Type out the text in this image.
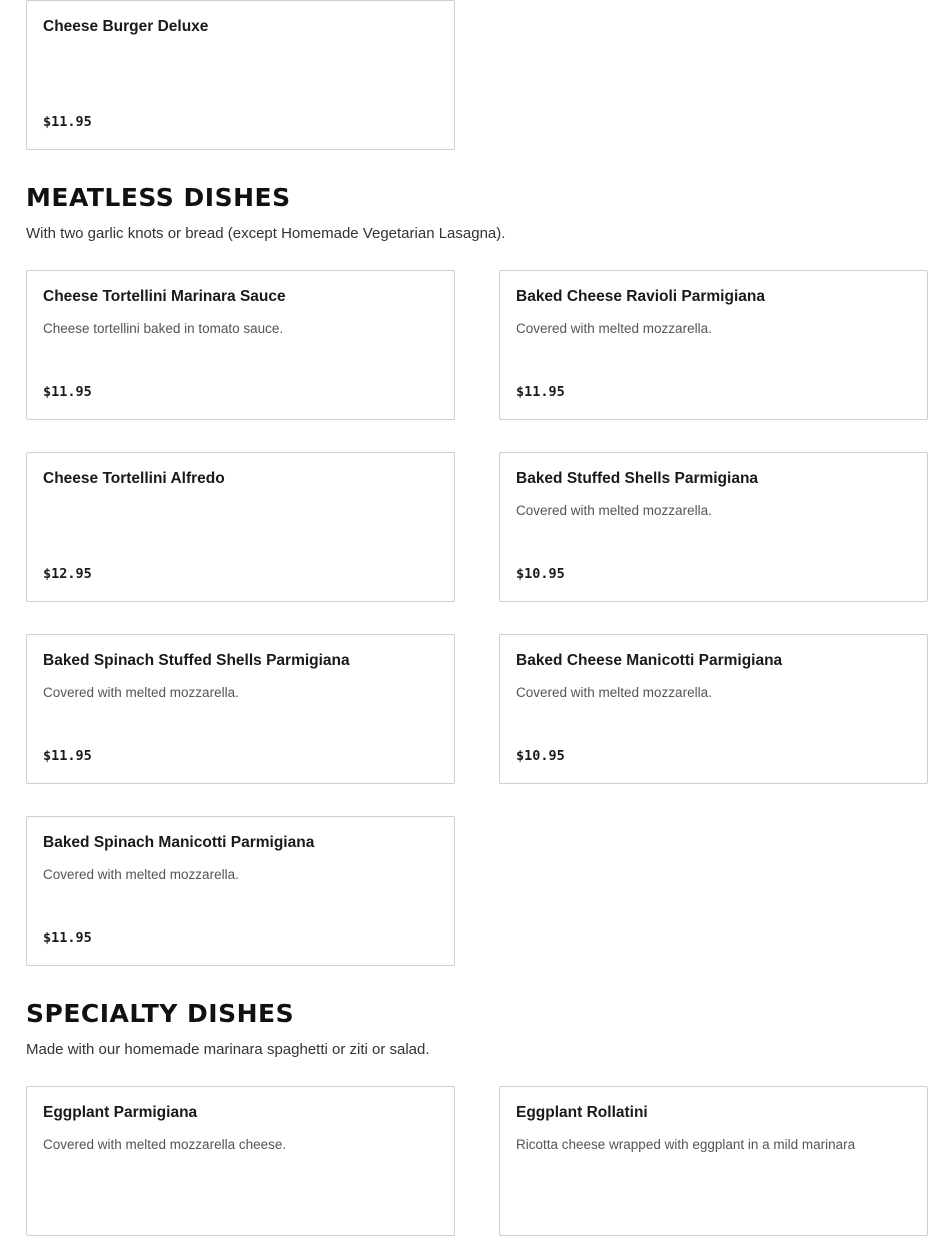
Cheese Burger Deluxe
$11.95
MEATLESS DISHES

With two garlic knots or bread (except Homemade Vegetarian Lasagna).

Cheese Tortellini Marinara Sauce
Cheese tortellini baked in tomato sauce.
$11.95
Baked Cheese Ravioli Parmigiana
Covered with melted mozzarella.
$11.95
Cheese Tortellini Alfredo
$12.95
Baked Stuffed Shells Parmigiana
Covered with melted mozzarella.
$10.95
Baked Spinach Stuffed Shells Parmigiana
Covered with melted mozzarella.
$11.95
Baked Cheese Manicotti Parmigiana
Covered with melted mozzarella.
$10.95
Baked Spinach Manicotti Parmigiana
Covered with melted mozzarella.
$11.95
SPECIALTY DISHES

Made with our homemade marinara spaghetti or ziti or salad.

Eggplant Parmigiana
Covered with melted mozzarella cheese.
Eggplant Rollatini
Ricotta cheese wrapped with eggplant in a mild marinara
